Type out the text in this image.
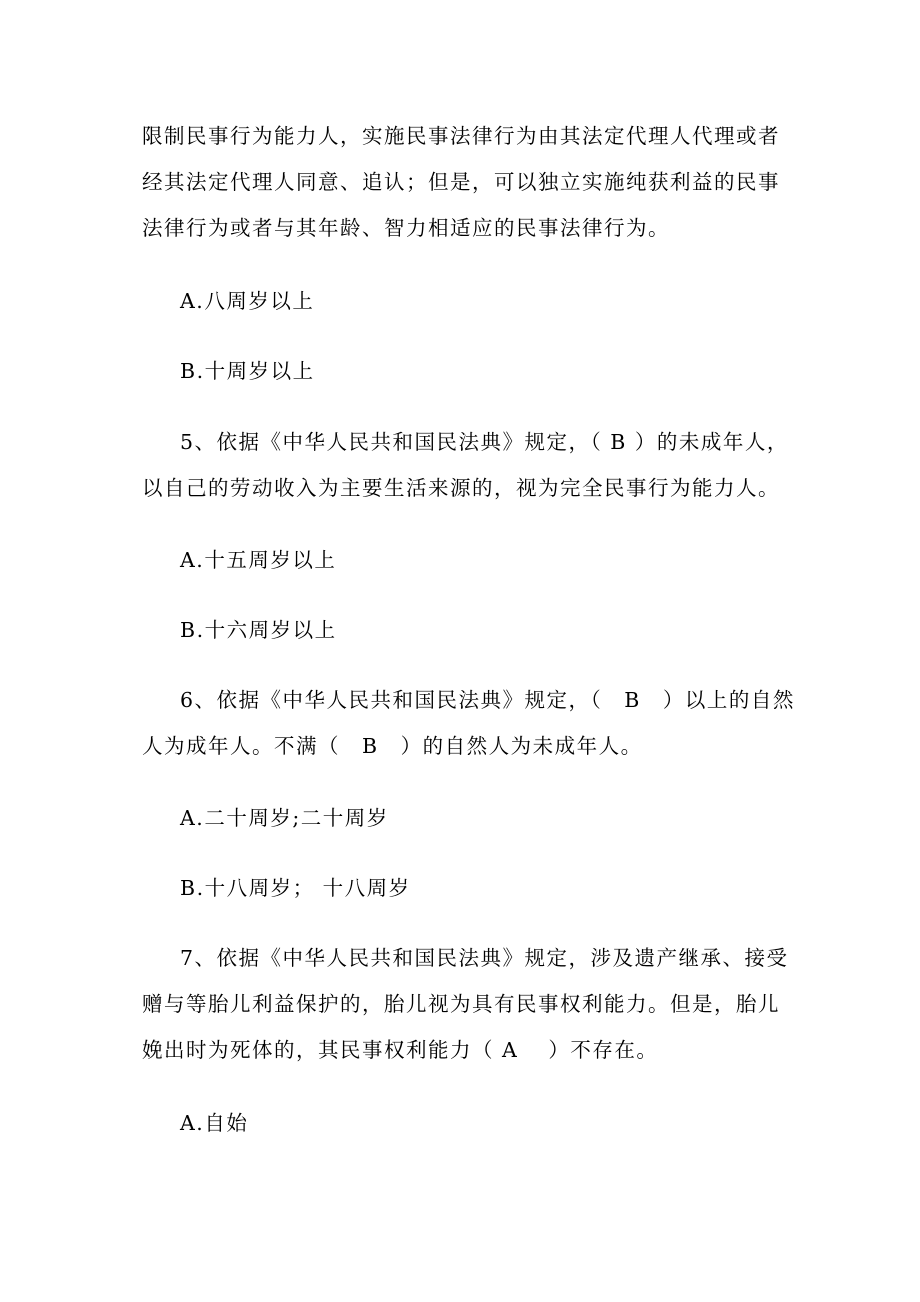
限制民事行为能力人，实施民事法律行为由其法定代理人代理或者
经其法定代理人同意、追认；但是，可以独立实施纯获利益的民事
法律行为或者与其年龄、智力相适应的民事法律行为。
A.八周岁以上
B.十周岁以上
5、依据《中华人民共和国民法典》规定，（ B ）的未成年人，
以自己的劳动收入为主要生活来源的，视为完全民事行为能力人。
A.十五周岁以上
B.十六周岁以上
6、依据《中华人民共和国民法典》规定，（　B　）以上的自然
人为成年人。不满（　B　）的自然人为未成年人。
A.二十周岁;二十周岁
B.十八周岁； 十八周岁
7、依据《中华人民共和国民法典》规定，涉及遗产继承、接受
赠与等胎儿利益保护的，胎儿视为具有民事权利能力。但是，胎儿
娩出时为死体的，其民事权利能力（ A　 ）不存在。
A.自始
